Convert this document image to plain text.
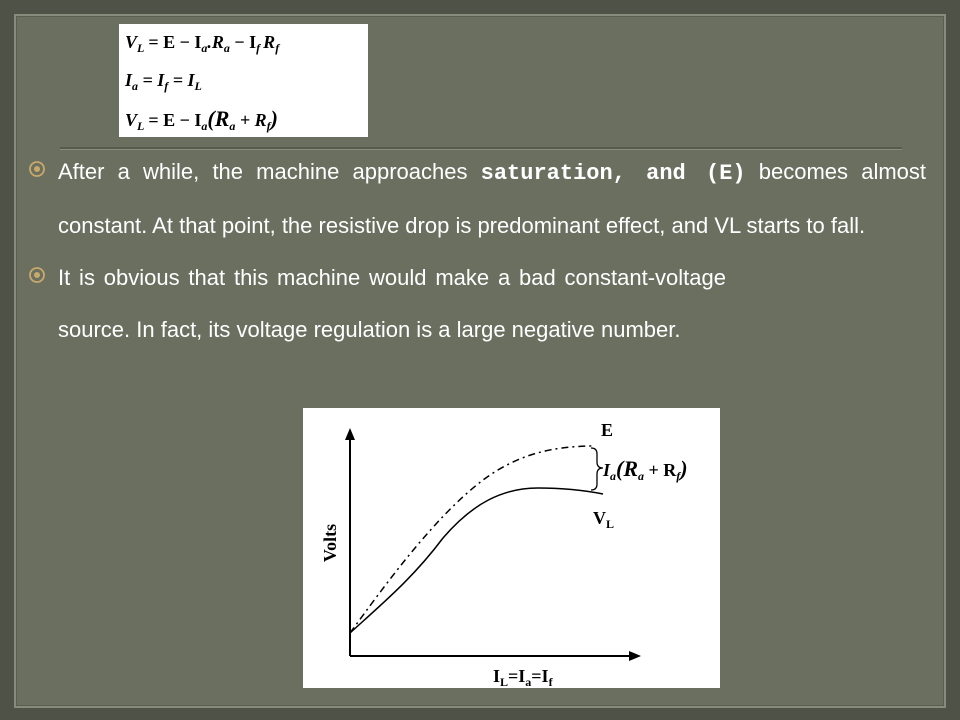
$V_L = E - I_a.R_a - I_f$ $R_f$
$I_a = I_f = I_L$
$V_L = E - I_a(R_a + R_f)$

After a while, the machine approaches saturation, and (E) becomes almost constant. At that point, the resistive drop is predominant effect, and VL starts to fall.

It is obvious that this machine would make a bad constant-voltage source. In fact, its voltage regulation is a large negative number.

E
$I_a(R_a + R_f)$
$V_L$
Volts
$I_L=I_a=I_f$
